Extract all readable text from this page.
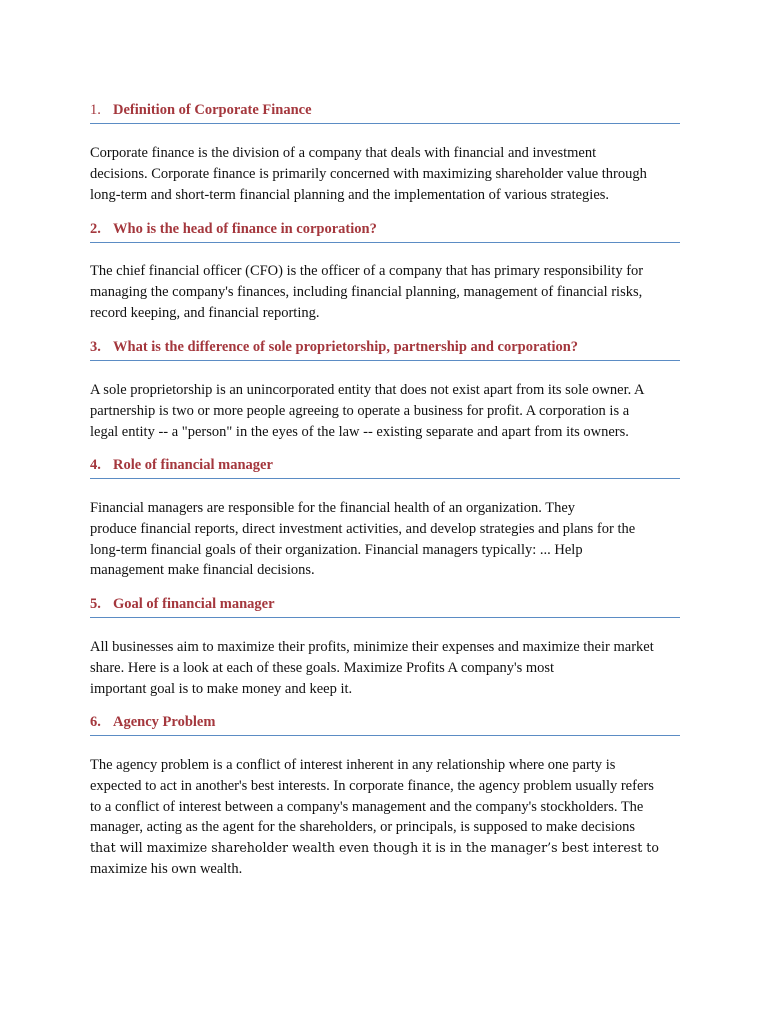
1. Definition of Corporate Finance
Corporate finance is the division of a company that deals with financial and investment
decisions. Corporate finance is primarily concerned with maximizing shareholder value through
long-term and short-term financial planning and the implementation of various strategies.
2. Who is the head of finance in corporation?
The chief financial officer (CFO) is the officer of a company that has primary responsibility for
managing the company's finances, including financial planning, management of financial risks,
record keeping, and financial reporting.
3. What is the difference of sole proprietorship, partnership and corporation?
A sole proprietorship is an unincorporated entity that does not exist apart from its sole owner. A
partnership is two or more people agreeing to operate a business for profit. A corporation is a
legal entity -- a "person" in the eyes of the law -- existing separate and apart from its owners.
4. Role of financial manager
Financial managers are responsible for the financial health of an organization. They
produce financial reports, direct investment activities, and develop strategies and plans for the
long-term financial goals of their organization. Financial managers typically: ... Help
management make financial decisions.
5. Goal of financial manager
All businesses aim to maximize their profits, minimize their expenses and maximize their market
share. Here is a look at each of these goals. Maximize Profits A company's most
important goal is to make money and keep it.
6. Agency Problem
The agency problem is a conflict of interest inherent in any relationship where one party is
expected to act in another's best interests. In corporate finance, the agency problem usually refers
to a conflict of interest between a company's management and the company's stockholders. The
manager, acting as the agent for the shareholders, or principals, is supposed to make decisions
that will maximize shareholder wealth even though it is in the manager’s best interest to
maximize his own wealth.
